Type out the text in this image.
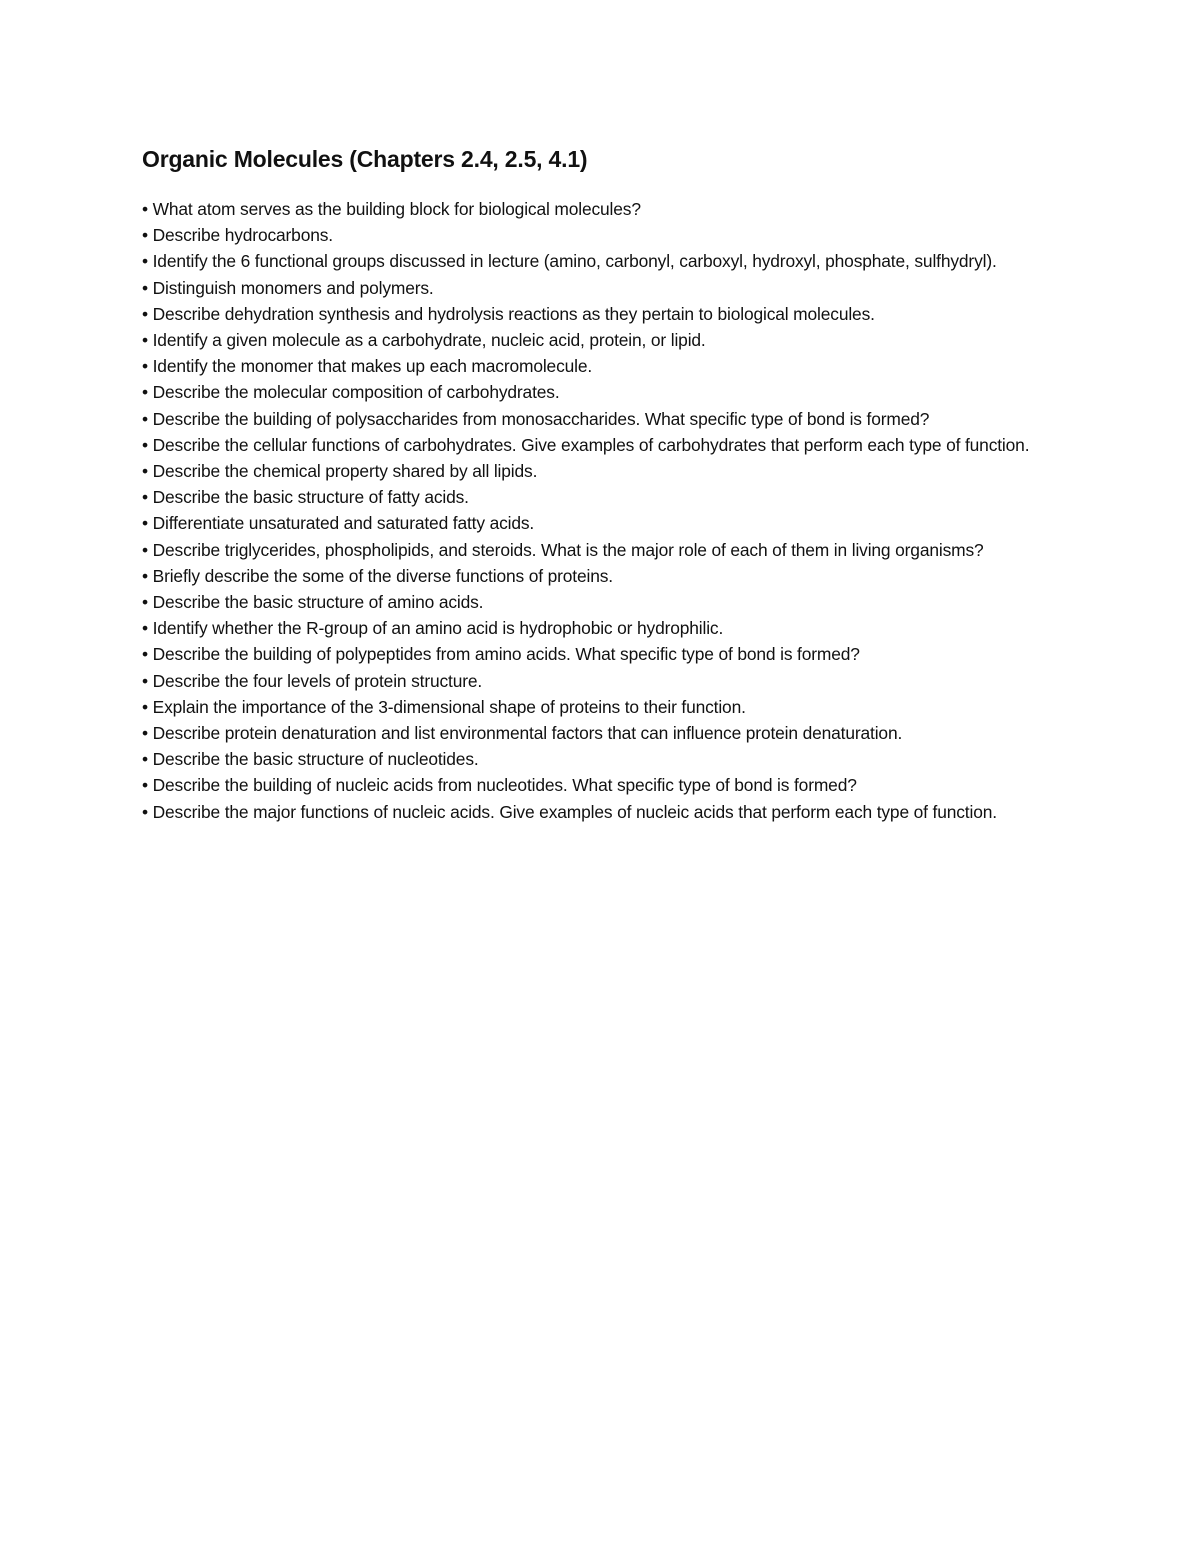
Organic Molecules (Chapters 2.4, 2.5, 4.1)
• What atom serves as the building block for biological molecules?
• Describe hydrocarbons.
• Identify the 6 functional groups discussed in lecture (amino, carbonyl, carboxyl, hydroxyl, phosphate, sulfhydryl).
• Distinguish monomers and polymers.
• Describe dehydration synthesis and hydrolysis reactions as they pertain to biological molecules.
• Identify a given molecule as a carbohydrate, nucleic acid, protein, or lipid.
• Identify the monomer that makes up each macromolecule.
• Describe the molecular composition of carbohydrates.
• Describe the building of polysaccharides from monosaccharides. What specific type of bond is formed?
• Describe the cellular functions of carbohydrates. Give examples of carbohydrates that perform each type of function.
• Describe the chemical property shared by all lipids.
• Describe the basic structure of fatty acids.
• Differentiate unsaturated and saturated fatty acids.
• Describe triglycerides, phospholipids, and steroids. What is the major role of each of them in living organisms?
• Briefly describe the some of the diverse functions of proteins.
• Describe the basic structure of amino acids.
• Identify whether the R-group of an amino acid is hydrophobic or hydrophilic.
• Describe the building of polypeptides from amino acids. What specific type of bond is formed?
• Describe the four levels of protein structure.
• Explain the importance of the 3-dimensional shape of proteins to their function.
• Describe protein denaturation and list environmental factors that can influence protein denaturation.
• Describe the basic structure of nucleotides.
• Describe the building of nucleic acids from nucleotides. What specific type of bond is formed?
• Describe the major functions of nucleic acids. Give examples of nucleic acids that perform each type of function.
